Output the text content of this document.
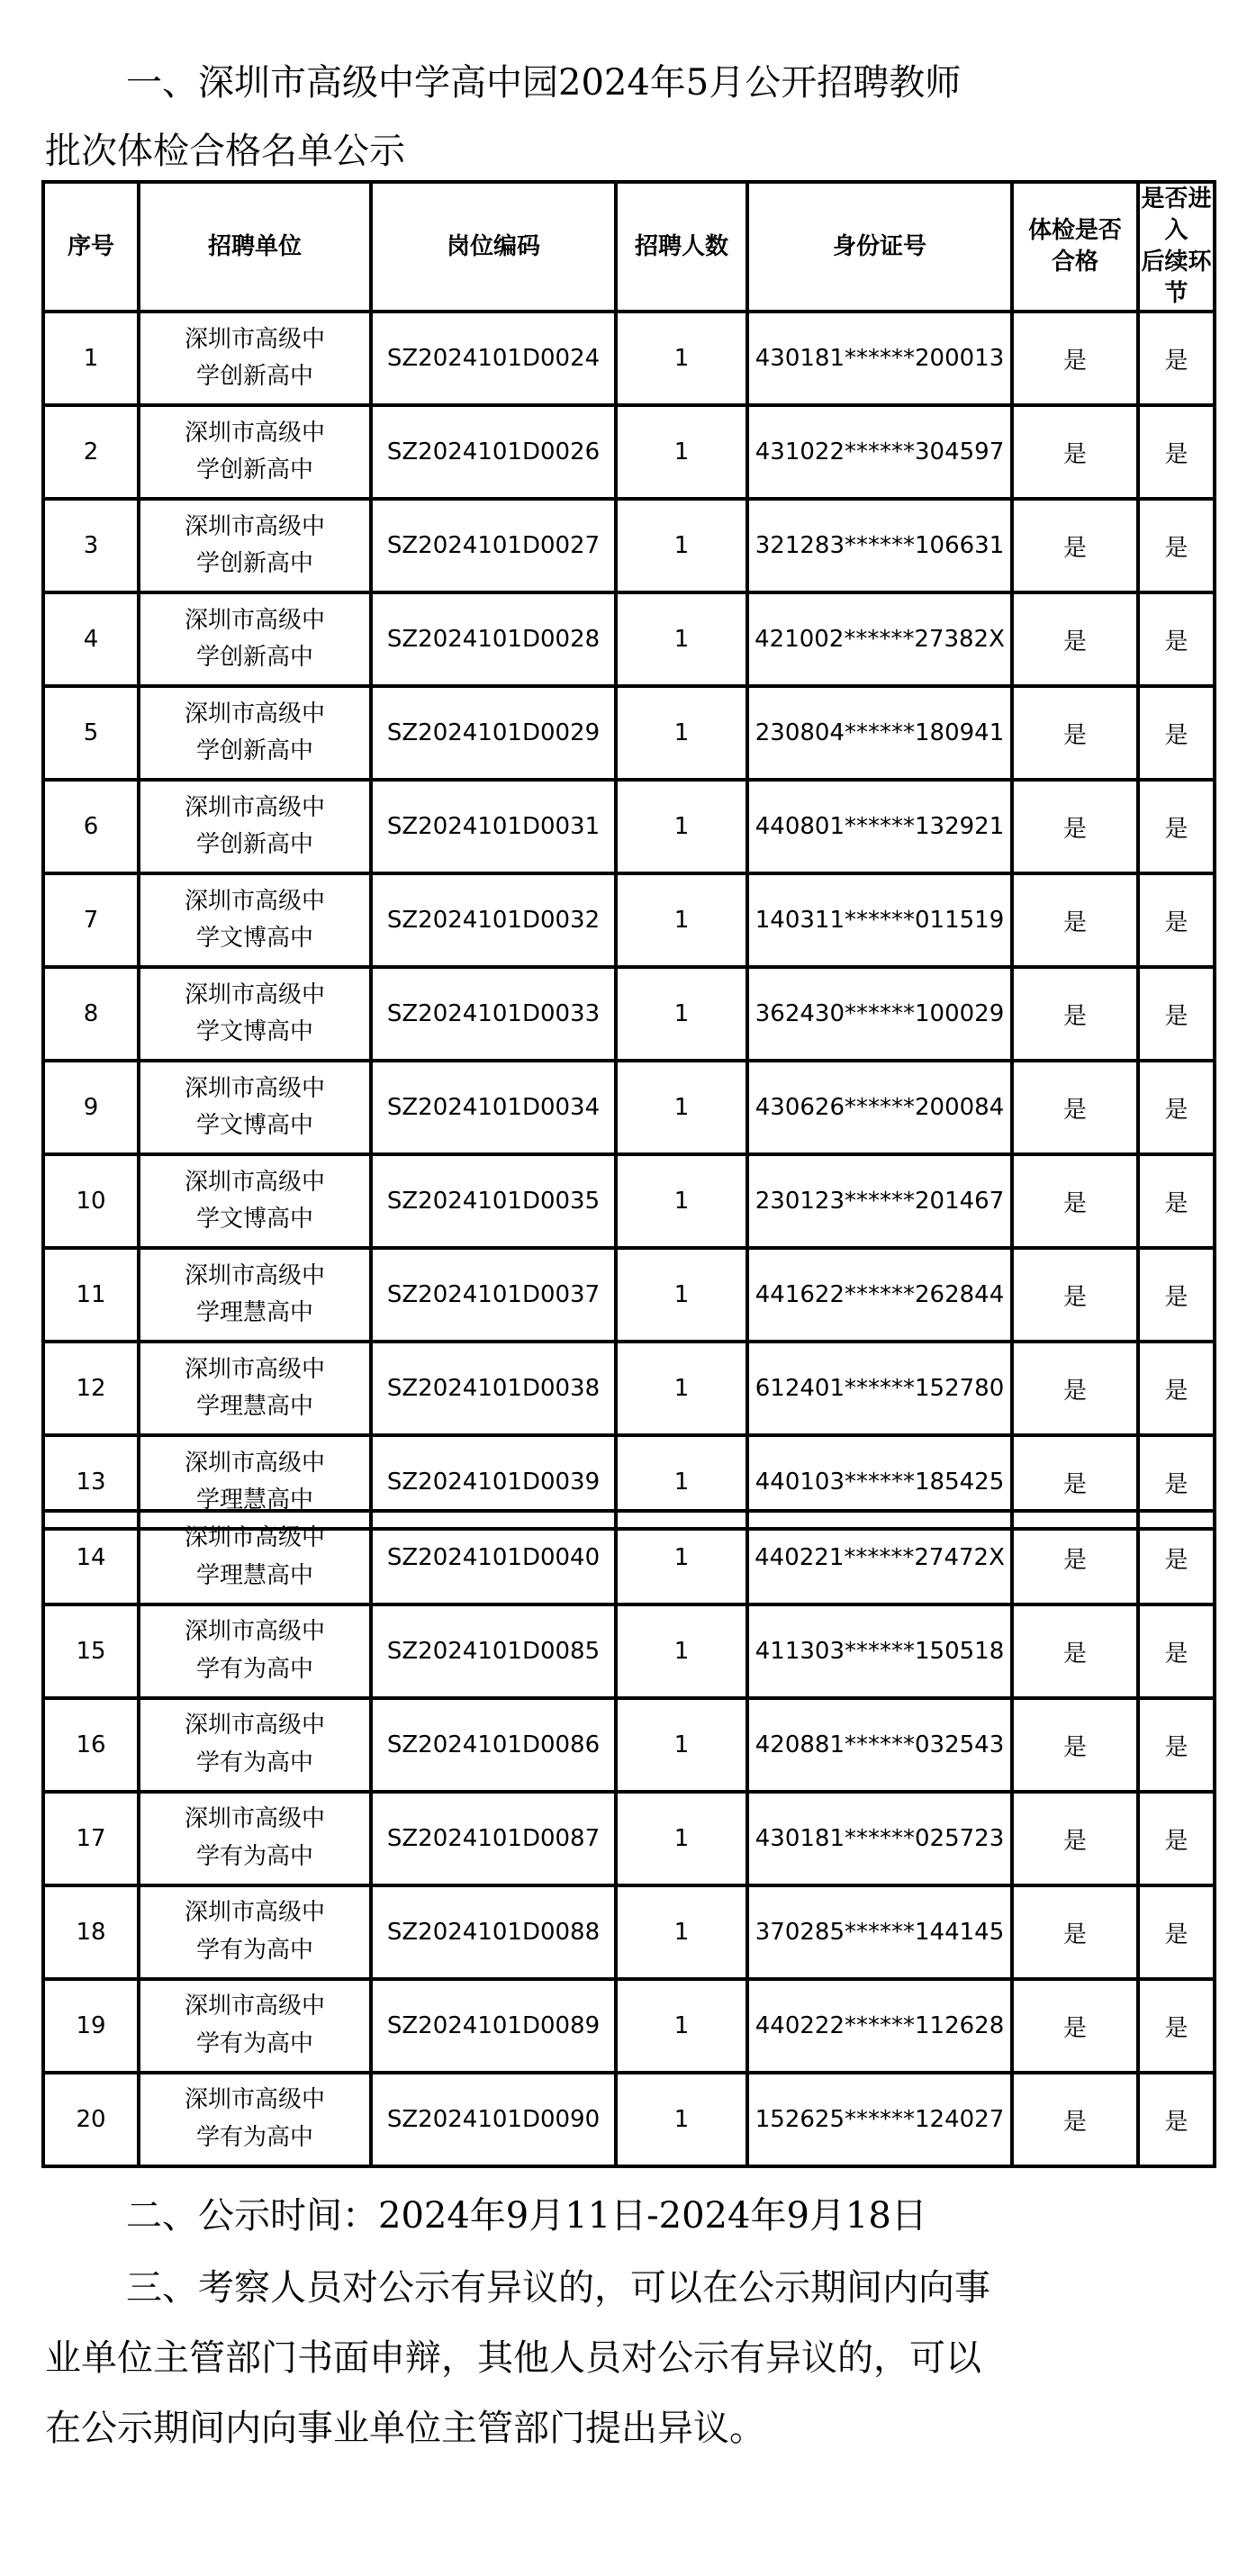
一、深圳市高级中学高中园2024年5月公开招聘教师
批次体检合格名单公示
序号	招聘单位	岗位编码	招聘人数	身份证号	体检是否
合格	是否进入
后续环节
1	深圳市高级中
学创新高中	SZ2024101D0024	1	430181******200013	是	是
2	深圳市高级中
学创新高中	SZ2024101D0026	1	431022******304597	是	是
3	深圳市高级中
学创新高中	SZ2024101D0027	1	321283******106631	是	是
4	深圳市高级中
学创新高中	SZ2024101D0028	1	421002******27382X	是	是
5	深圳市高级中
学创新高中	SZ2024101D0029	1	230804******180941	是	是
6	深圳市高级中
学创新高中	SZ2024101D0031	1	440801******132921	是	是
7	深圳市高级中
学文博高中	SZ2024101D0032	1	140311******011519	是	是
8	深圳市高级中
学文博高中	SZ2024101D0033	1	362430******100029	是	是
9	深圳市高级中
学文博高中	SZ2024101D0034	1	430626******200084	是	是
10	深圳市高级中
学文博高中	SZ2024101D0035	1	230123******201467	是	是
11	深圳市高级中
学理慧高中	SZ2024101D0037	1	441622******262844	是	是
12	深圳市高级中
学理慧高中	SZ2024101D0038	1	612401******152780	是	是
13	深圳市高级中
学理慧高中	SZ2024101D0039	1	440103******185425	是	是
14	深圳市高级中
学理慧高中	SZ2024101D0040	1	440221******27472X	是	是
15	深圳市高级中
学有为高中	SZ2024101D0085	1	411303******150518	是	是
16	深圳市高级中
学有为高中	SZ2024101D0086	1	420881******032543	是	是
17	深圳市高级中
学有为高中	SZ2024101D0087	1	430181******025723	是	是
18	深圳市高级中
学有为高中	SZ2024101D0088	1	370285******144145	是	是
19	深圳市高级中
学有为高中	SZ2024101D0089	1	440222******112628	是	是
20	深圳市高级中
学有为高中	SZ2024101D0090	1	152625******124027	是	是
二、公示时间：2024年9月11日-2024年9月18日
三、考察人员对公示有异议的，可以在公示期间内向事
业单位主管部门书面申辩，其他人员对公示有异议的，可以
在公示期间内向事业单位主管部门提出异议。
